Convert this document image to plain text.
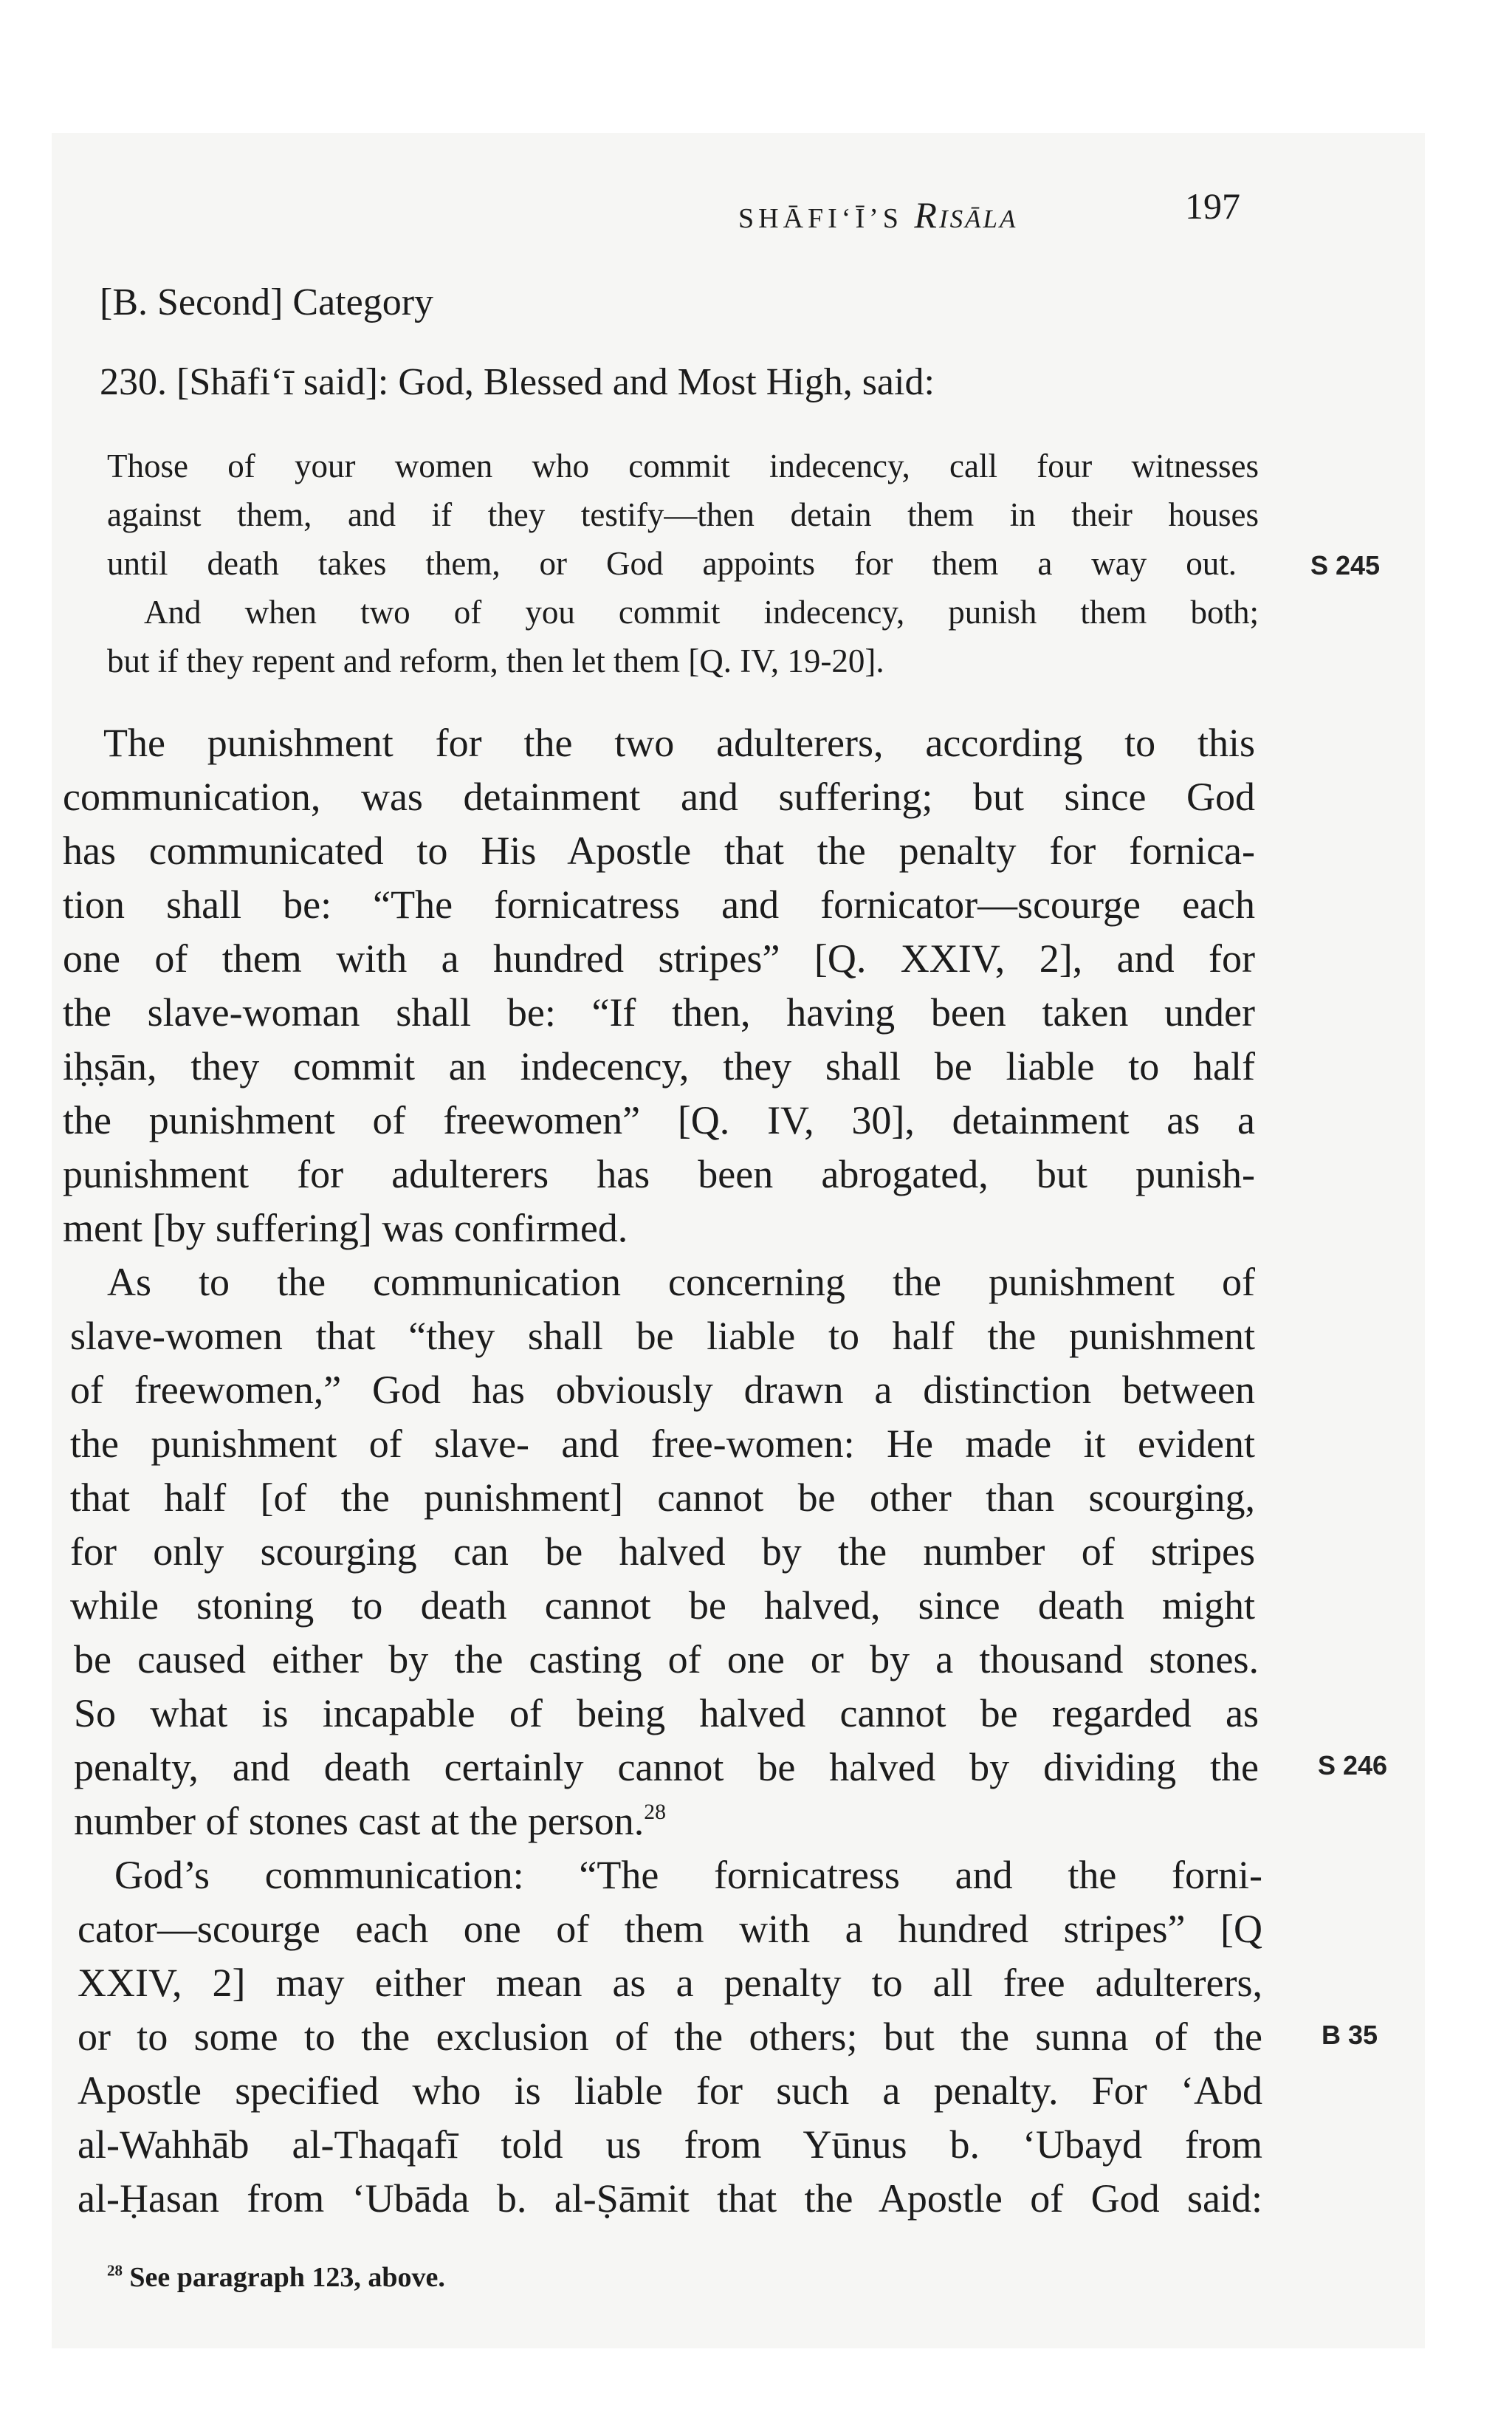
SHĀFI‘Ī’S Risāla	197
[B. Second] Category
230. [Shāfi‘ī said]: God, Blessed and Most High, said:
Those of your women who commit indecency, call four witnesses
against them, and if they testify—then detain them in their houses
until death takes them, or God appoints for them a way out.
And when two of you commit indecency, punish them both;
but if they repent and reform, then let them [Q. IV, 19-20].
The punishment for the two adulterers, according to this
communication, was detainment and suffering; but since God
has communicated to His Apostle that the penalty for fornica-
tion shall be: “The fornicatress and fornicator—scourge each
one of them with a hundred stripes” [Q. XXIV, 2], and for
the slave-woman shall be: “If then, having been taken under
iḥṣān, they commit an indecency, they shall be liable to half
the punishment of freewomen” [Q. IV, 30], detainment as a
punishment for adulterers has been abrogated, but punish-
ment [by suffering] was confirmed.
As to the communication concerning the punishment of
slave-women that “they shall be liable to half the punishment
of freewomen,” God has obviously drawn a distinction between
the punishment of slave- and free-women: He made it evident
that half [of the punishment] cannot be other than scourging,
for only scourging can be halved by the number of stripes
while stoning to death cannot be halved, since death might
be caused either by the casting of one or by a thousand stones.
So what is incapable of being halved cannot be regarded as
penalty, and death certainly cannot be halved by dividing the
number of stones cast at the person.$^{28}$
God’s communication: “The fornicatress and the forni-
cator—scourge each one of them with a hundred stripes” [Q
XXIV, 2] may either mean as a penalty to all free adulterers,
or to some to the exclusion of the others; but the sunna of the
Apostle specified who is liable for such a penalty. For ‘Abd
al-Wahhāb al-Thaqafī told us from Yūnus b. ‘Ubayd from
al-Ḥasan from ‘Ubāda b. al-Ṣāmit that the Apostle of God said:
S 245
S 246
B 35
$^{28}$ See paragraph 123, above.
